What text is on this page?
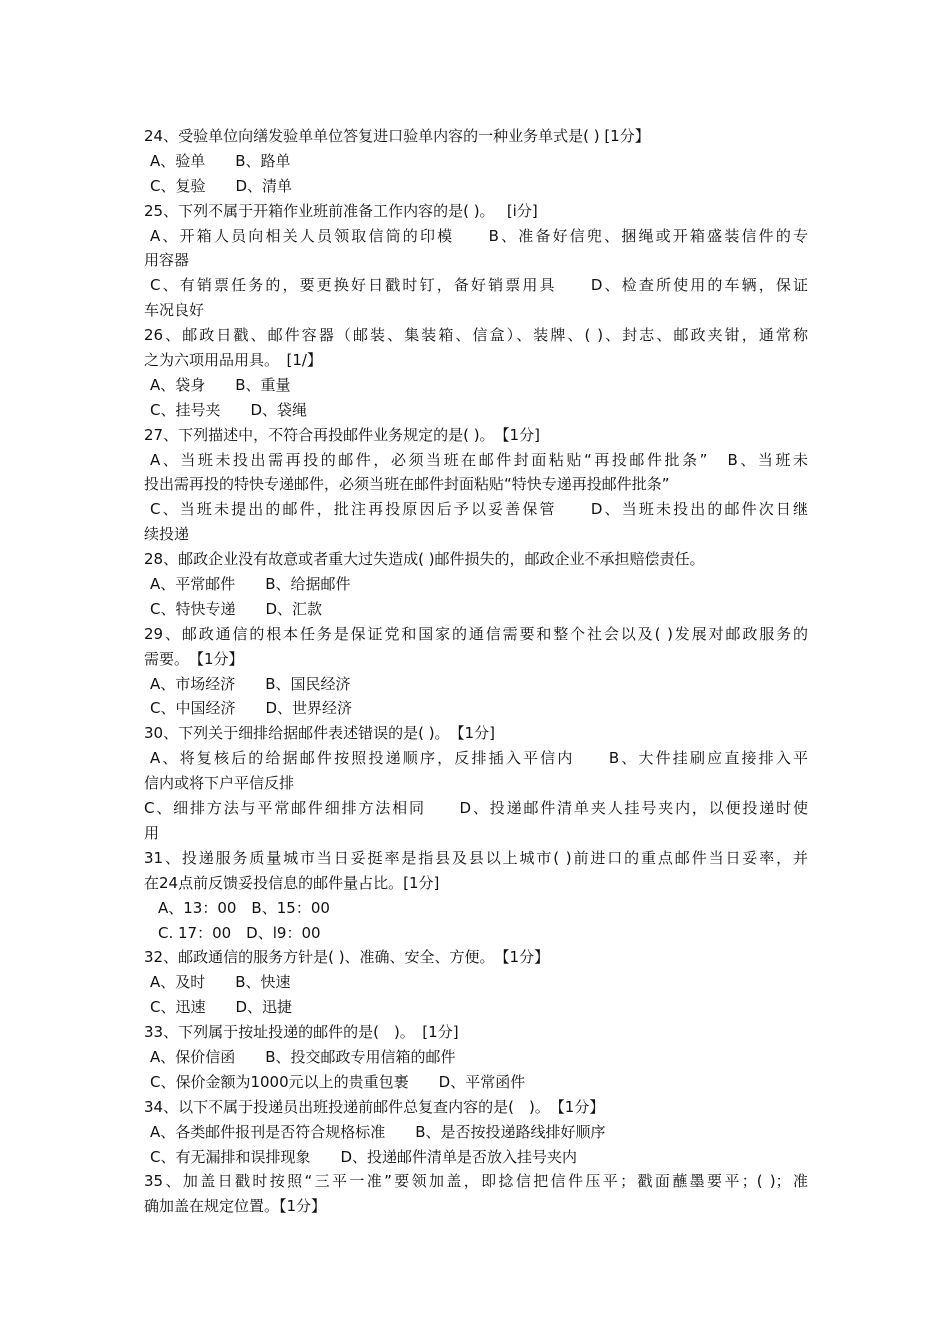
24、受验单位向缮发验单单位答复进口验单内容的一种业务单式是( ) [1分】
A、验单　　B、路单
C、复验　　D、清单
25、下列不属于开箱作业班前准备工作内容的是( )。　 [i分]
A、开箱人员向相关人员领取信筒的印模　　B、准备好信兜、捆绳或开箱盛装信件的专
用容器
C、有销票任务的，要更换好日戳时钉，备好销票用具　　D、检查所使用的车辆，保证
车况良好
26、邮政日戳、邮件容器（邮装、集装箱、信盒）、装牌、( )、封志、邮政夹钳，通常称
之为六项用品用具。　[1/】
A、袋身　　B、重量
C、挂号夹　　D、袋绳
27、下列描述中，不符合再投邮件业务规定的是( )。　【1分]
A、当班未投出需再投的邮件，必须当班在邮件封面粘贴“再投邮件批条”　B、当班未
投出需再投的特快专递邮件，必须当班在邮件封面粘贴“特快专递再投邮件批条”
C、当班未提出的邮件，批注再投原因后予以妥善保管　　D、当班未投出的邮件次日继
续投递
28、邮政企业没有故意或者重大过失造成( )邮件损失的，邮政企业不承担赔偿责任。
A、平常邮件　　B、给据邮件
C、特快专递　　D、汇款
29、邮政通信的根本任务是保证党和国家的通信需要和整个社会以及( )发展对邮政服务的
需要。　【1分】
A、市场经济　　B、国民经济
C、中国经济　　D、世界经济
30、下列关于细排给据邮件表述错误的是( )。　【1分]
A、将复核后的给据邮件按照投递顺序，反排插入平信内　　B、大件挂刷应直接排入平
信内或将下户平信反排
C、细排方法与平常邮件细排方法相同　　D、投递邮件清单夹人挂号夹内，以便投递时使
用
31、投递服务质量城市当日妥挺率是指县及县以上城市( )前进口的重点邮件当日妥率，并
在24点前反馈妥投信息的邮件量占比。[1分]
A、13：00　B、15：00
C. 17：00　D、l9：00
32、邮政通信的服务方针是( )、准确、安全、方便。　【1分】
A、及时　　B、快速
C、迅速　　D、迅捷
33、下列属于按址投递的邮件的是(　)。　[1分]
A、保价信函　　B、投交邮政专用信箱的邮件
C、保价金额为1000元以上的贵重包裹　　D、平常函件
34、以下不属于投递员出班投递前邮件总复查内容的是(　)。　【1分】
A、各类邮件报刊是否符合规格标准　　B、是否按投递路线排好顺序
C、有无漏排和误排现象　　D、投递邮件清单是否放入挂号夹内
35、加盖日戳时按照“三平一准”要领加盖，即捻信把信件压平；戳面蘸墨要平；( )；准
确加盖在规定位置。【1分】
